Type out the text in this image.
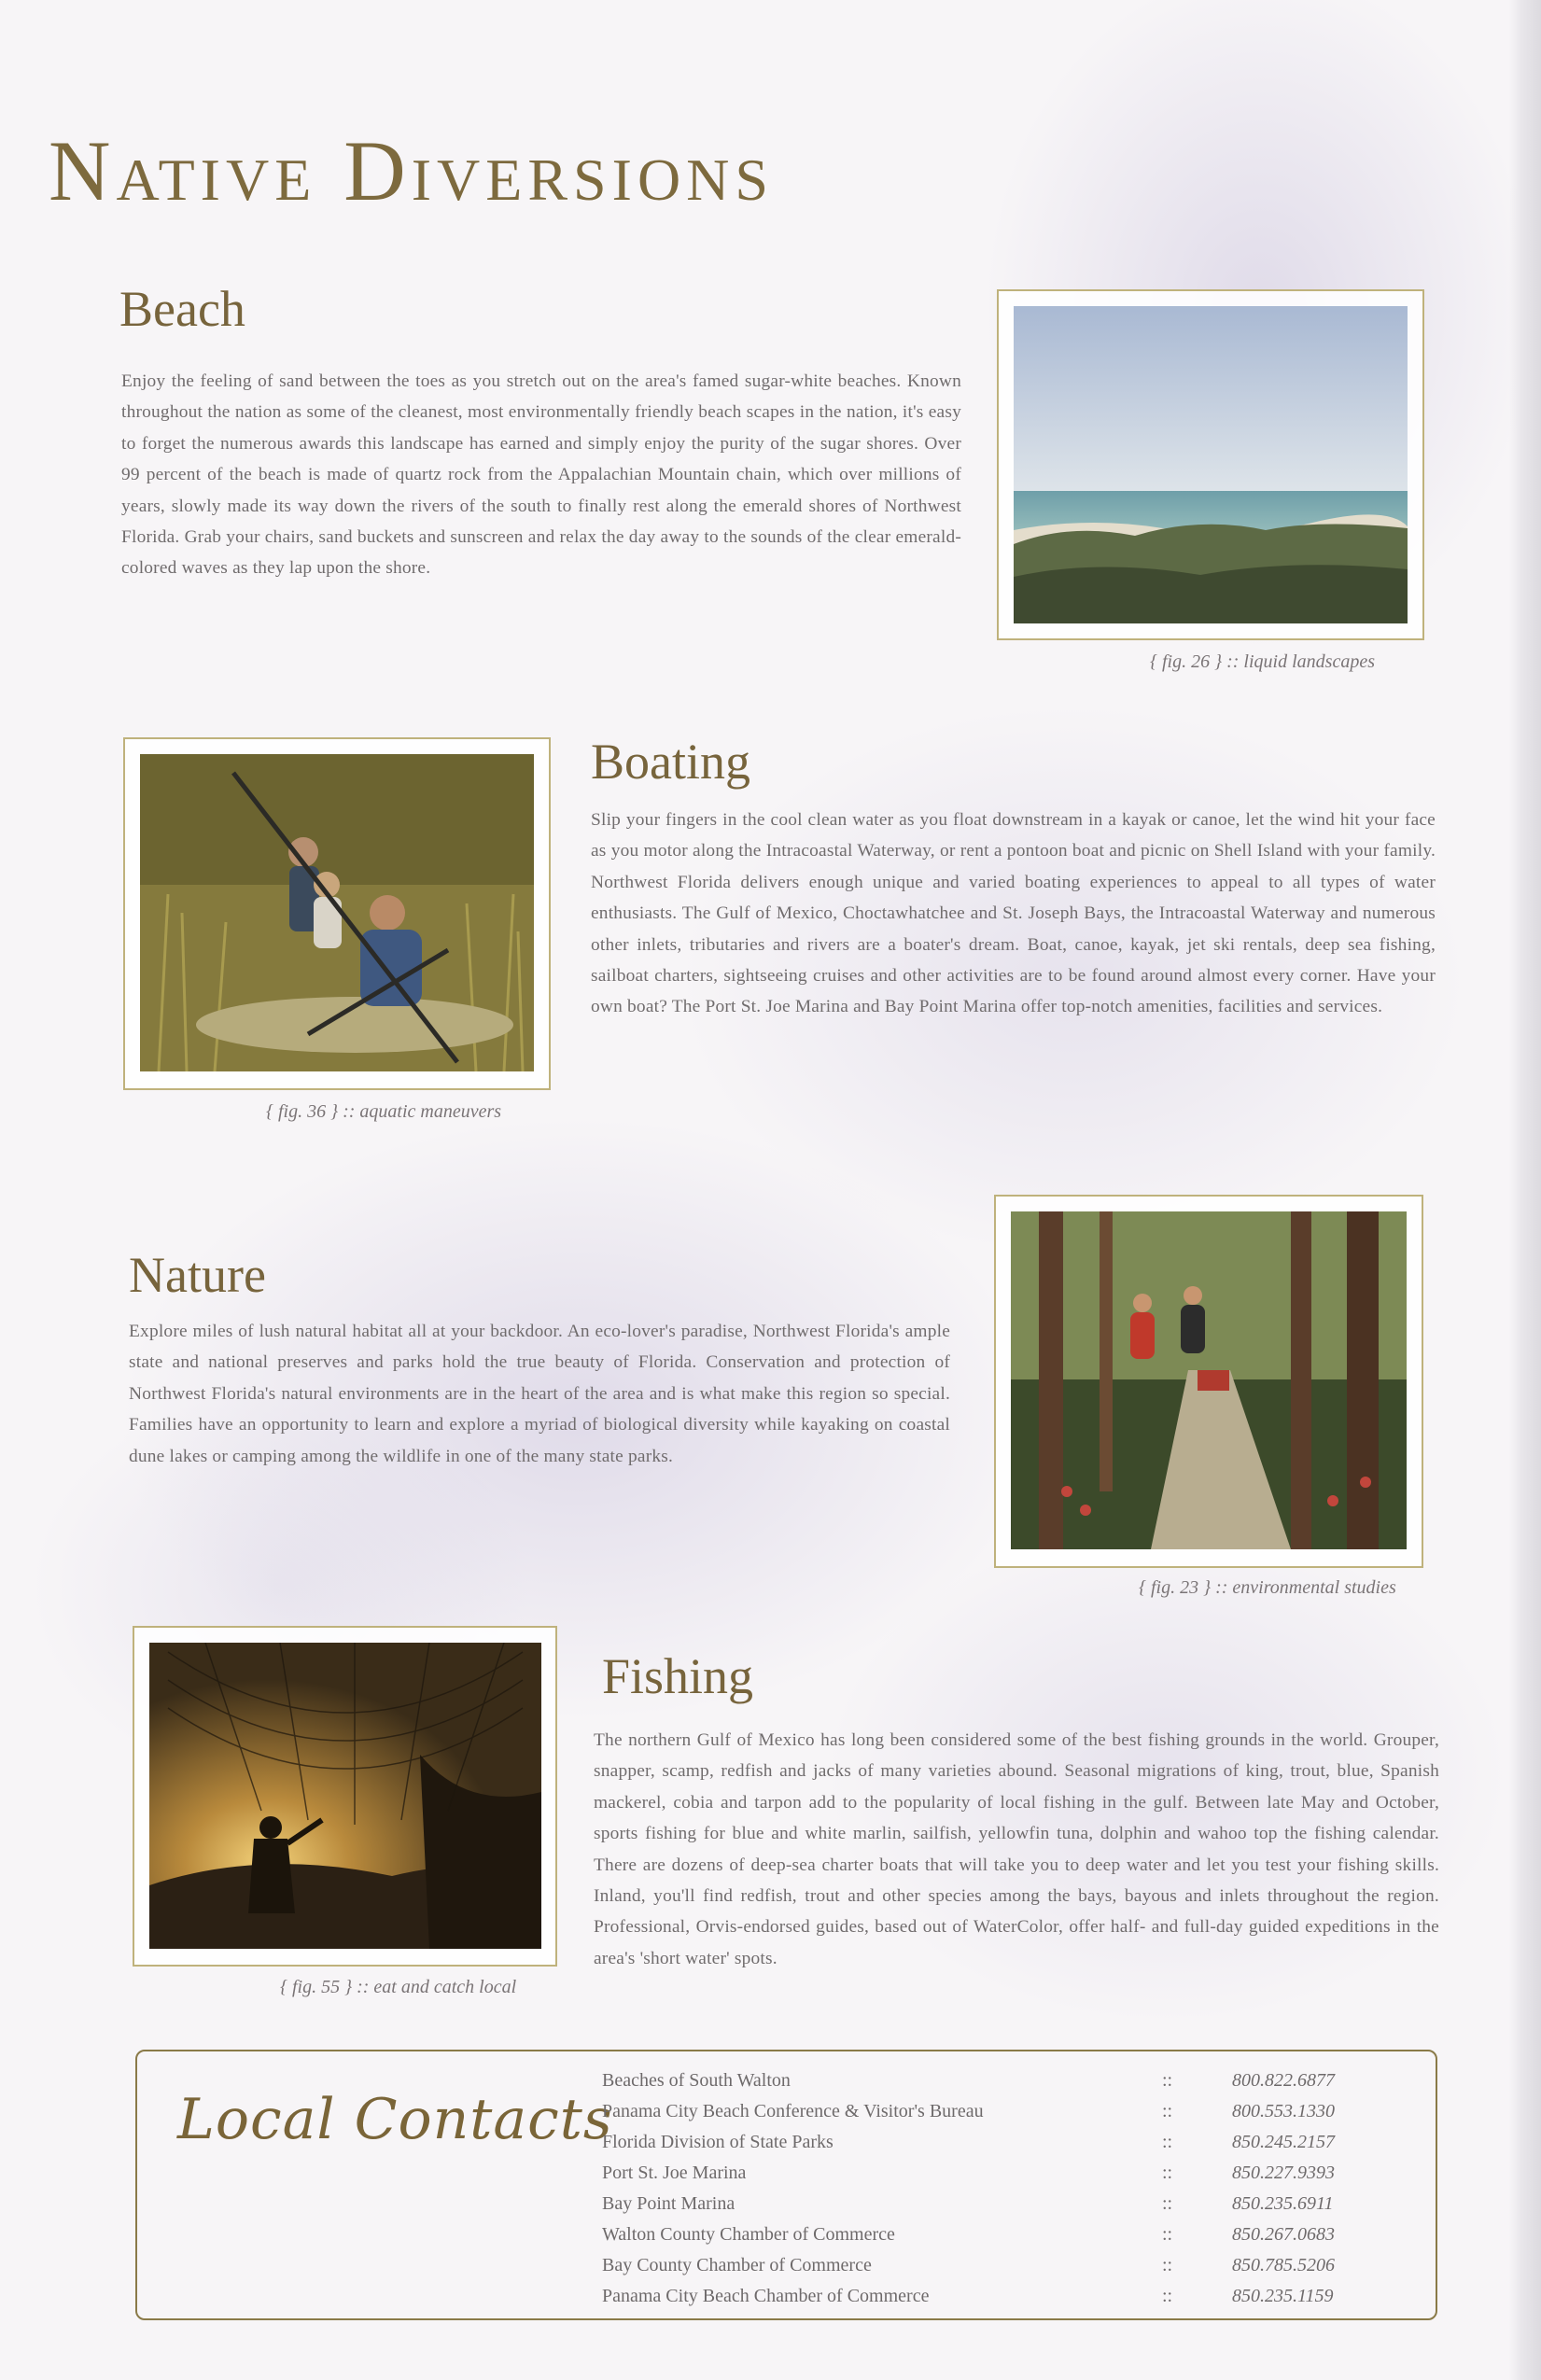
Native Diversions
Beach

Enjoy the feeling of sand between the toes as you stretch out on the area's famed sugar-white beaches. Known throughout the nation as some of the cleanest, most environmentally friendly beach scapes in the nation, it's easy to forget the numerous awards this landscape has earned and simply enjoy the purity of the sugar shores. Over 99 percent of the beach is made of quartz rock from the Appalachian Mountain chain, which over millions of years, slowly made its way down the rivers of the south to finally rest along the emerald shores of Northwest Florida. Grab your chairs, sand buckets and sunscreen and relax the day away to the sounds of the clear emerald-colored waves as they lap upon the shore.

{ fig. 26 } :: liquid landscapes
{ fig. 36 } :: aquatic maneuvers
Boating

Slip your fingers in the cool clean water as you float downstream in a kayak or canoe, let the wind hit your face as you motor along the Intracoastal Waterway, or rent a pontoon boat and picnic on Shell Island with your family. Northwest Florida delivers enough unique and varied boating experiences to appeal to all types of water enthusiasts. The Gulf of Mexico, Choctawhatchee and St. Joseph Bays, the Intracoastal Waterway and numerous other inlets, tributaries and rivers are a boater's dream. Boat, canoe, kayak, jet ski rentals, deep sea fishing, sailboat charters, sightseeing cruises and other activities are to be found around almost every corner. Have your own boat? The Port St. Joe Marina and Bay Point Marina offer top-notch amenities, facilities and services.

Nature

Explore miles of lush natural habitat all at your backdoor. An eco-lover's paradise, Northwest Florida's ample state and national preserves and parks hold the true beauty of Florida. Conservation and protection of Northwest Florida's natural environments are in the heart of the area and is what make this region so special. Families have an opportunity to learn and explore a myriad of biological diversity while kayaking on coastal dune lakes or camping among the wildlife in one of the many state parks.

{ fig. 23 } :: environmental studies
{ fig. 55 } :: eat and catch local
Fishing

The northern Gulf of Mexico has long been considered some of the best fishing grounds in the world. Grouper, snapper, scamp, redfish and jacks of many varieties abound. Seasonal migrations of king, trout, blue, Spanish mackerel, cobia and tarpon add to the popularity of local fishing in the gulf. Between late May and October, sports fishing for blue and white marlin, sailfish, yellowfin tuna, dolphin and wahoo top the fishing calendar. There are dozens of deep-sea charter boats that will take you to deep water and let you test your fishing skills. Inland, you'll find redfish, trout and other species among the bays, bayous and inlets throughout the region. Professional, Orvis-endorsed guides, based out of WaterColor, offer half- and full-day guided expeditions in the area's 'short water' spots.

Local Contacts
Beaches of South Walton	::	800.822.6877
Panama City Beach Conference & Visitor's Bureau	::	800.553.1330
Florida Division of State Parks	::	850.245.2157
Port St. Joe Marina	::	850.227.9393
Bay Point Marina	::	850.235.6911
Walton County Chamber of Commerce	::	850.267.0683
Bay County Chamber of Commerce	::	850.785.5206
Panama City Beach Chamber of Commerce	::	850.235.1159
